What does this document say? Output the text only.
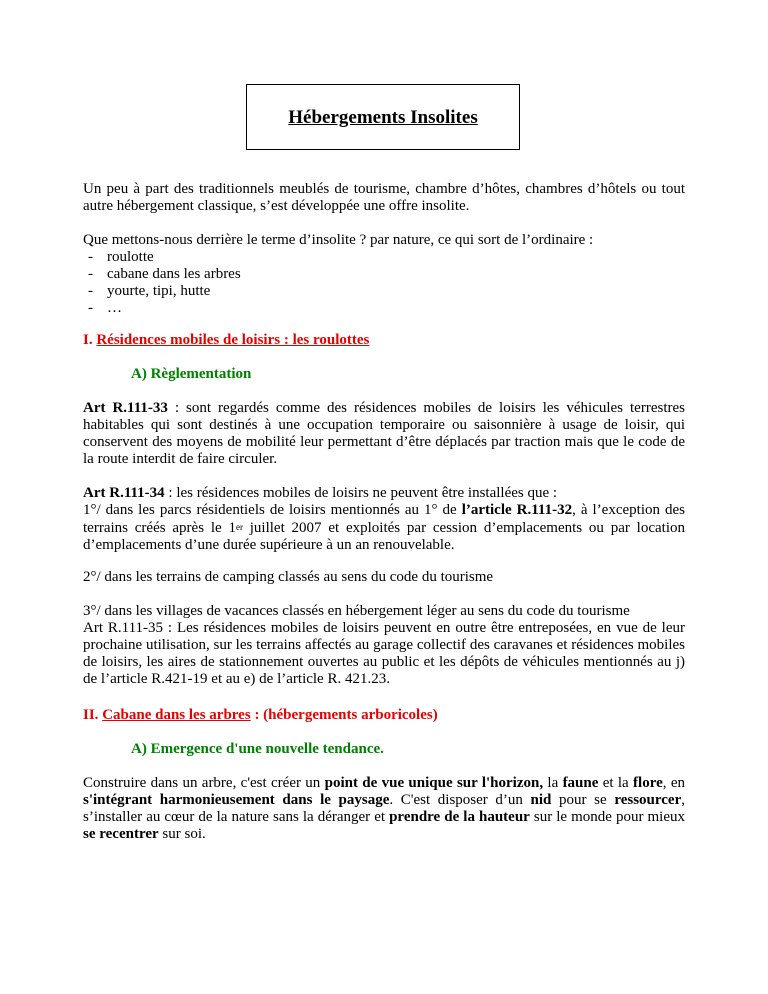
Hébergements Insolites

Un peu à part des traditionnels meublés de tourisme, chambre d’hôtes, chambres d’hôtels ou tout autre hébergement classique, s’est développée une offre insolite.

Que mettons-nous derrière le terme d’insolite ? par nature, ce qui sort de l’ordinaire :

- roulotte
- cabane dans les arbres
- yourte, tipi, hutte
- …

I. Résidences mobiles de loisirs : les roulottes

A) Règlementation

Art R.111-33 : sont regardés comme des résidences mobiles de loisirs les véhicules terrestres habitables qui sont destinés à une occupation temporaire ou saisonnière à usage de loisir, qui conservent des moyens de mobilité leur permettant d’être déplacés par traction mais que le code de la route interdit de faire circuler.

Art R.111-34 : les résidences mobiles de loisirs ne peuvent être installées que :

1°/ dans les parcs résidentiels de loisirs mentionnés au 1° de l’article R.111-32, à l’exception des terrains créés après le 1er juillet 2007 et exploités par cession d’emplacements ou par location d’emplacements d’une durée supérieure à un an renouvelable.

2°/ dans les terrains de camping classés au sens du code du tourisme

3°/ dans les villages de vacances classés en hébergement léger au sens du code du tourisme

Art R.111-35 : Les résidences mobiles de loisirs peuvent en outre être entreposées, en vue de leur prochaine utilisation, sur les terrains affectés au garage collectif des caravanes et résidences mobiles de loisirs, les aires de stationnement ouvertes au public et les dépôts de véhicules mentionnés au j) de l’article R.421-19 et au e) de l’article R. 421.23.

II. Cabane dans les arbres : (hébergements arboricoles)

A) Emergence d'une nouvelle tendance.

Construire dans un arbre, c'est créer un point de vue unique sur l'horizon, la faune et la flore, en s'intégrant harmonieusement dans le paysage. C'est disposer d’un nid pour se ressourcer, s’installer au cœur de la nature sans la déranger et prendre de la hauteur sur le monde pour mieux se recentrer sur soi.
